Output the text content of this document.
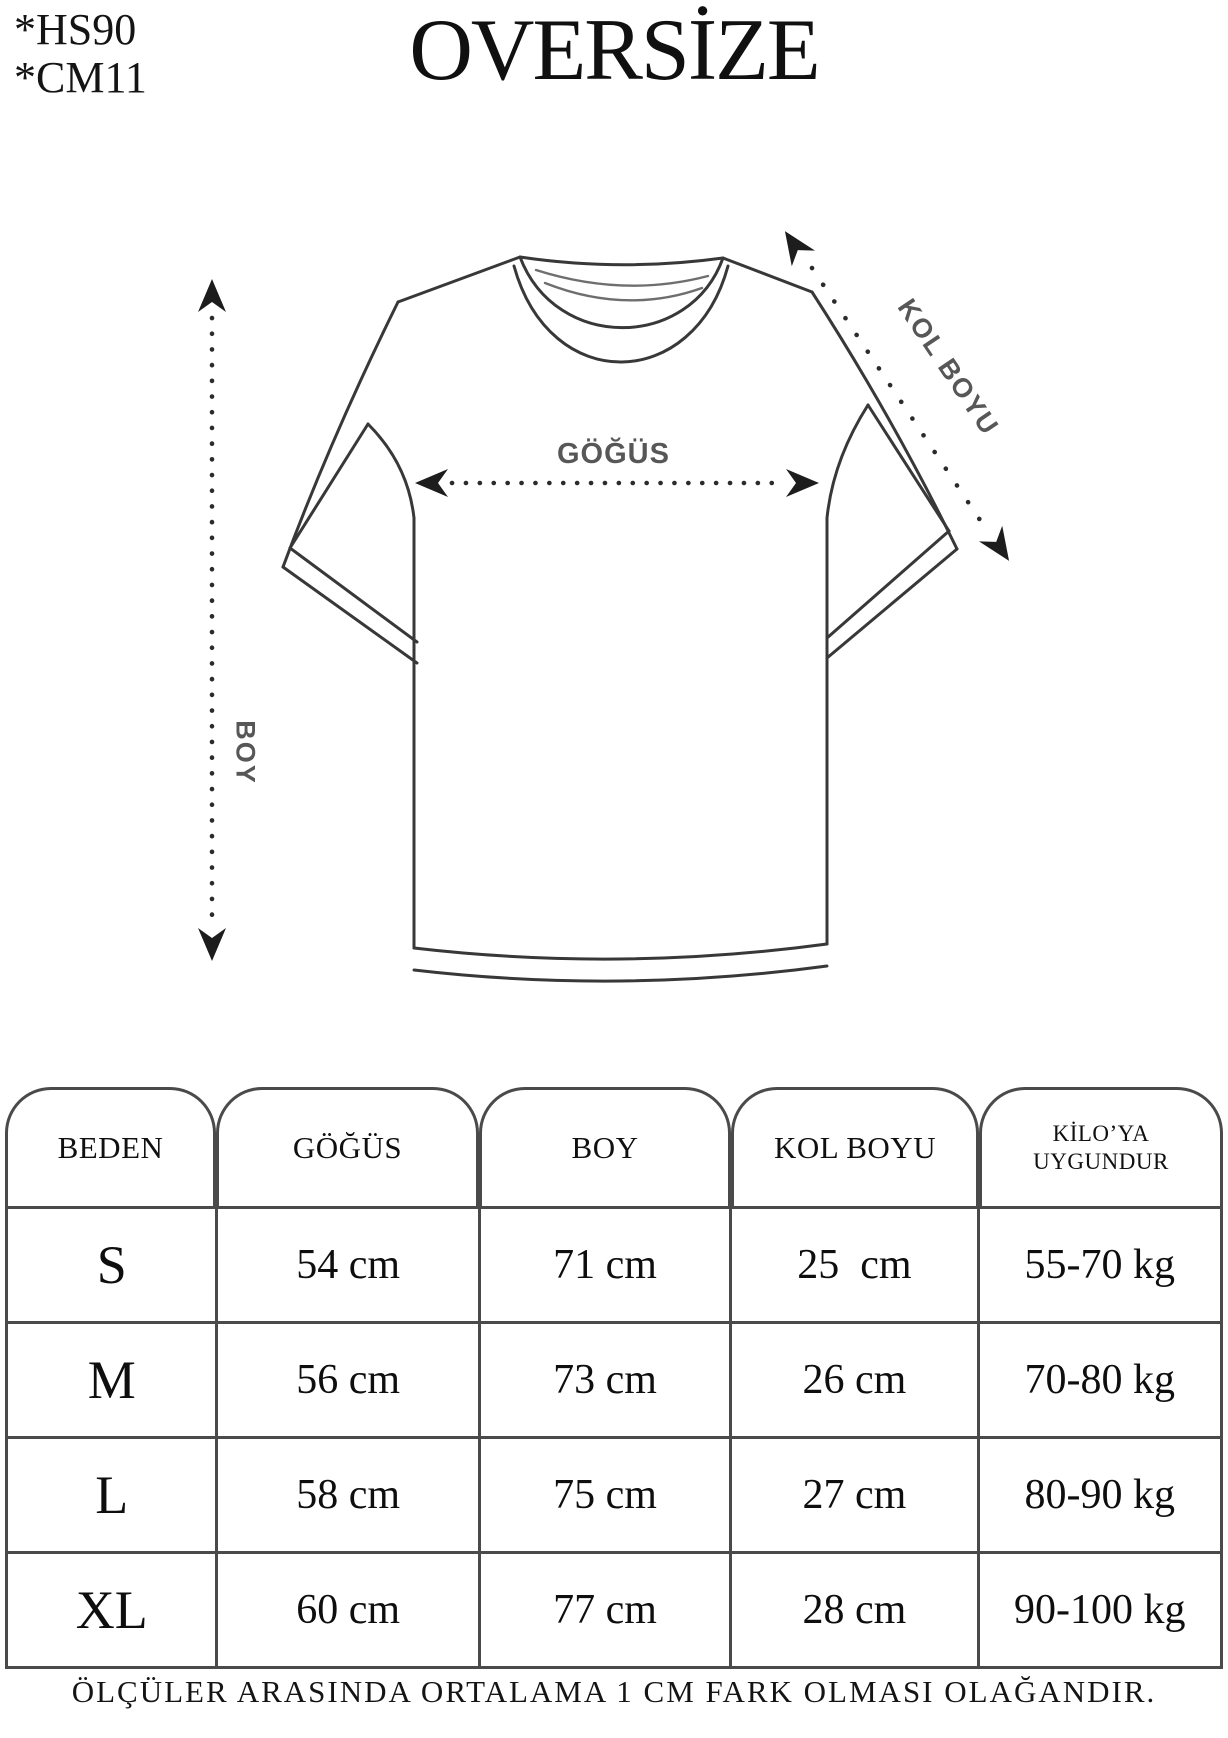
*HS90
*CM11	OVERSİZE
GÖĞÜS
BOY
KOL BOYU
BEDEN	GÖĞÜS	BOY	KOL BOYU	KİLO’YA UYGUNDUR
S	54 cm	71 cm	25  cm	55-70 kg
M	56 cm	73 cm	26 cm	70-80 kg
L	58 cm	75 cm	27 cm	80-90 kg
XL	60 cm	77 cm	28 cm	90-100 kg
ÖLÇÜLER ARASINDA ORTALAMA 1 CM FARK OLMASI OLAĞANDIR.
